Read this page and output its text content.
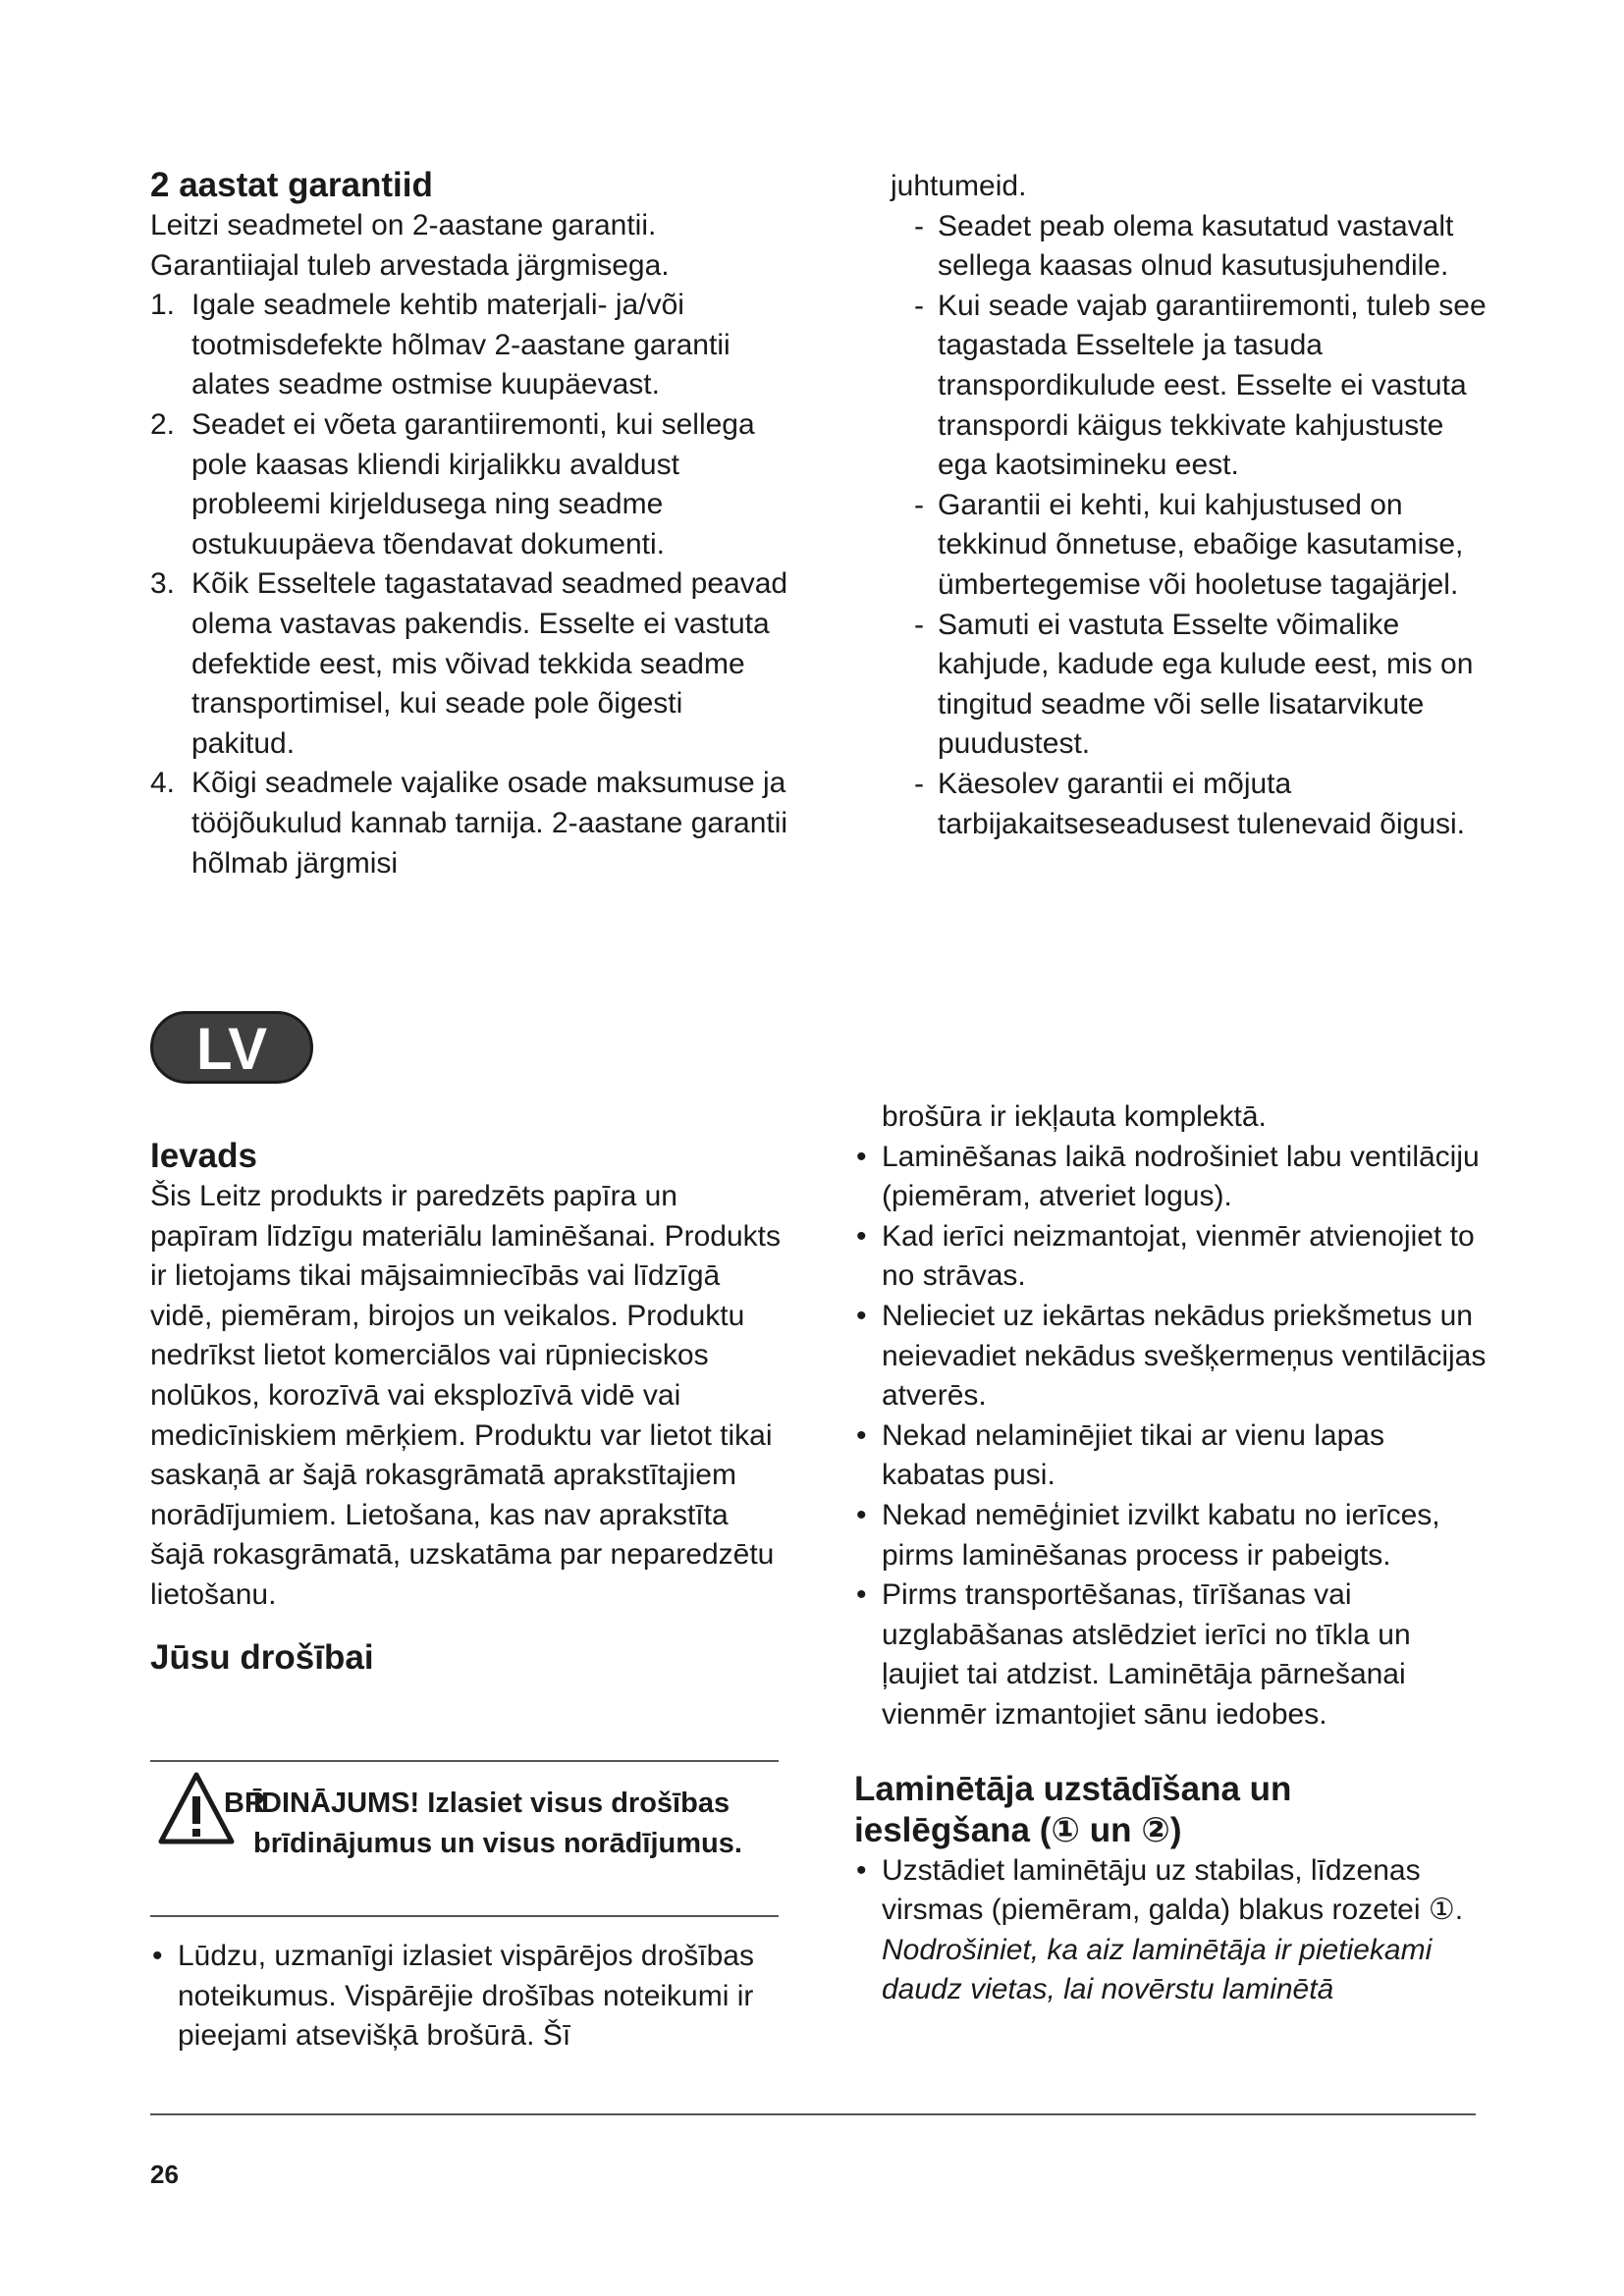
2 aastat garantiid

Leitzi seadmetel on 2-aastane garantii. Garantiiajal tuleb arvestada järgmisega.

1. Igale seadmele kehtib materjali- ja/või tootmisdefekte hõlmav 2-aastane garantii alates seadme ostmise kuupäevast.
2. Seadet ei võeta garantiiremonti, kui sellega pole kaasas kliendi kirjalikku avaldust probleemi kirjeldusega ning seadme ostukuupäeva tõendavat dokumenti.
3. Kõik Esseltele tagastatavad seadmed peavad olema vastavas pakendis. Esselte ei vastuta defektide eest, mis võivad tekkida seadme transportimisel, kui seade pole õigesti pakitud.
4. Kõigi seadmele vajalike osade maksumuse ja tööjõukulud kannab tarnija. 2-aastane garantii hõlmab järgmisi

juhtumeid.

- Seadet peab olema kasutatud vastavalt sellega kaasas olnud kasutusjuhendile.
- Kui seade vajab garantiiremonti, tuleb see tagastada Esseltele ja tasuda transpordikulude eest. Esselte ei vastuta transpordi käigus tekkivate kahjustuste ega kaotsimineku eest.
- Garantii ei kehti, kui kahjustused on tekkinud õnnetuse, ebaõige kasutamise, ümbertegemise või hooletuse tagajärjel.
- Samuti ei vastuta Esselte võimalike kahjude, kadude ega kulude eest, mis on tingitud seadme või selle lisatarvikute puudustest.
- Käesolev garantii ei mõjuta tarbijakaitseseadusest tulenevaid õigusi.
LV
Ievads

Šis Leitz produkts ir paredzēts papīra un papīram līdzīgu materiālu laminēšanai. Produkts ir lietojams tikai mājsaimniecībās vai līdzīgā vidē, piemēram, birojos un veikalos. Produktu nedrīkst lietot komerciālos vai rūpnieciskos nolūkos, korozīvā vai eksplozīvā vidē vai medicīniskiem mērķiem. Produktu var lietot tikai saskaņā ar šajā rokasgrāmatā aprakstītajiem norādījumiem. Lietošana, kas nav aprakstīta šajā rokasgrāmatā, uzskatāma par neparedzētu lietošanu.

Jūsu drošībai
BR
ĪDINĀJUMS! Izlasiet visus drošības brīdinājumus un visus norādījumus.
• Lūdzu, uzmanīgi izlasiet vispārējos drošības noteikumus. Vispārējie drošības noteikumi ir pieejami atsevišķā brošūrā. Šī

brošūra ir iekļauta komplektā.

• Laminēšanas laikā nodrošiniet labu ventilāciju (piemēram, atveriet logus).
• Kad ierīci neizmantojat, vienmēr atvienojiet to no strāvas.
• Nelieciet uz iekārtas nekādus priekšmetus un neievadiet nekādus svešķermeņus ventilācijas atverēs.
• Nekad nelaminējiet tikai ar vienu lapas kabatas pusi.
• Nekad nemēģiniet izvilkt kabatu no ierīces, pirms laminēšanas process ir pabeigts.
• Pirms transportēšanas, tīrīšanas vai uzglabāšanas atslēdziet ierīci no tīkla un ļaujiet tai atdzist. Laminētāja pārnešanai vienmēr izmantojiet sānu iedobes.
Laminētāja uzstādīšana un ieslēgšana (① un ②)
• Uzstādiet laminētāju uz stabilas, līdzenas virsmas (piemēram, galda) blakus rozetei ①.

Nodrošiniet, ka aiz laminētāja ir pietiekami daudz vietas, lai novērstu laminētā

26
